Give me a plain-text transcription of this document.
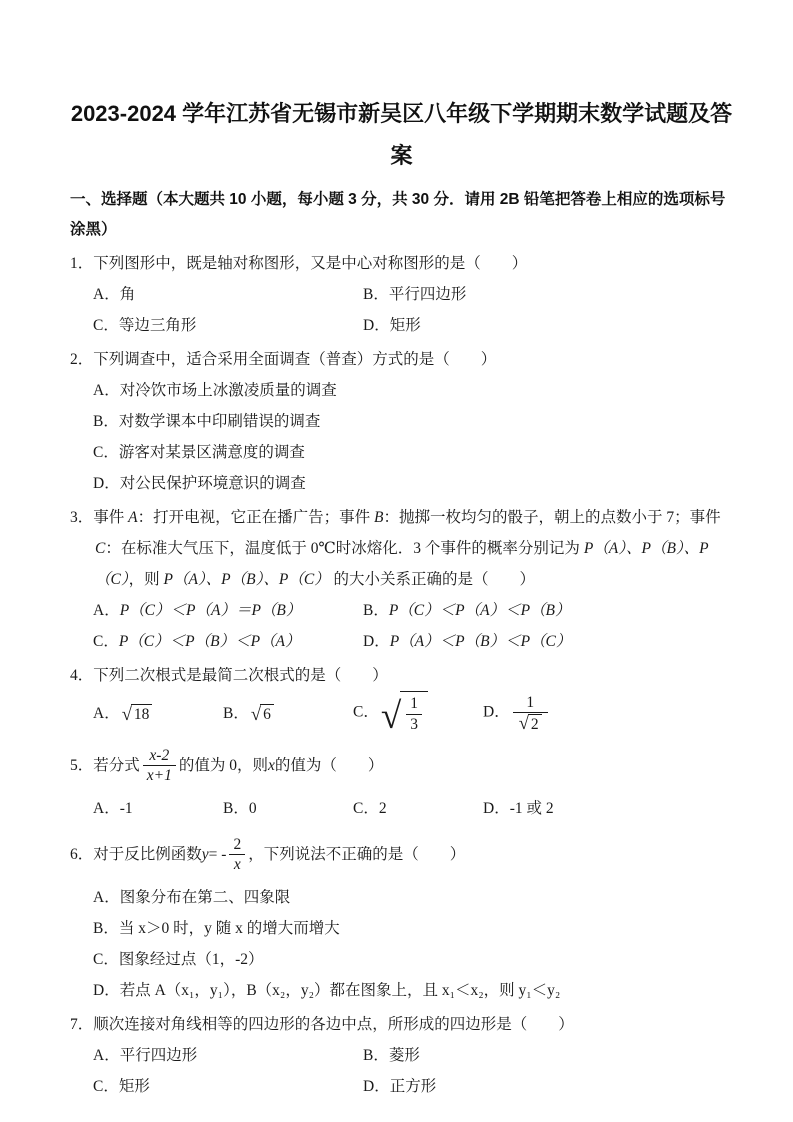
2023-2024 学年江苏省无锡市新吴区八年级下学期期末数学试题及答
案

一、选择题（本大题共 10 小题，每小题 3 分，共 30 分．请用 2B 铅笔把答卷上相应的选项标号涂黑）

1．下列图形中，既是轴对称图形，又是中心对称图形的是（　　）

A．角	B．平行四边形
C．等边三角形	D．矩形

2．下列调查中，适合采用全面调查（普查）方式的是（　　）

A．对冷饮市场上冰激凌质量的调查

B．对数学课本中印刷错误的调查

C．游客对某景区满意度的调查

D．对公民保护环境意识的调查

3．事件 A：打开电视，它正在播广告；事件 B：抛掷一枚均匀的骰子，朝上的点数小于 7；事件 C：在标准大气压下，温度低于 0℃时冰熔化．3 个事件的概率分别记为 P（A）、P（B）、P（C），则 P（A）、P（B）、P（C） 的大小关系正确的是（　　）

A．P（C）＜P（A）＝P（B）	B．P（C）＜P（A）＜P（B）
C．P（C）＜P（B）＜P（A）	D．P（A）＜P（B）＜P（C）

4．下列二次根式是最简二次根式的是（　　）

A． √ 18	B． √ 6	C． √ $\frac{1}{3}$	D． $\frac{1}{√ 2}$

5．若分式 $\frac{x-2}{x+1}$ 的值为 0，则 x 的值为（　　）

A．-1	B．0	C．2	D．-1 或 2

6．对于反比例函数 y = - $\frac{2}{x}$ ，下列说法不正确的是（　　）

A．图象分布在第二、四象限

B．当 x＞0 时，y 随 x 的增大而增大

C．图象经过点（1，-2）

D．若点 A（x₁，y₁），B（x₂，y₂）都在图象上，且 x₁＜x₂，则 y₁＜y₂

7．顺次连接对角线相等的四边形的各边中点，所形成的四边形是（　　）

A．平行四边形	B．菱形
C．矩形	D．正方形
